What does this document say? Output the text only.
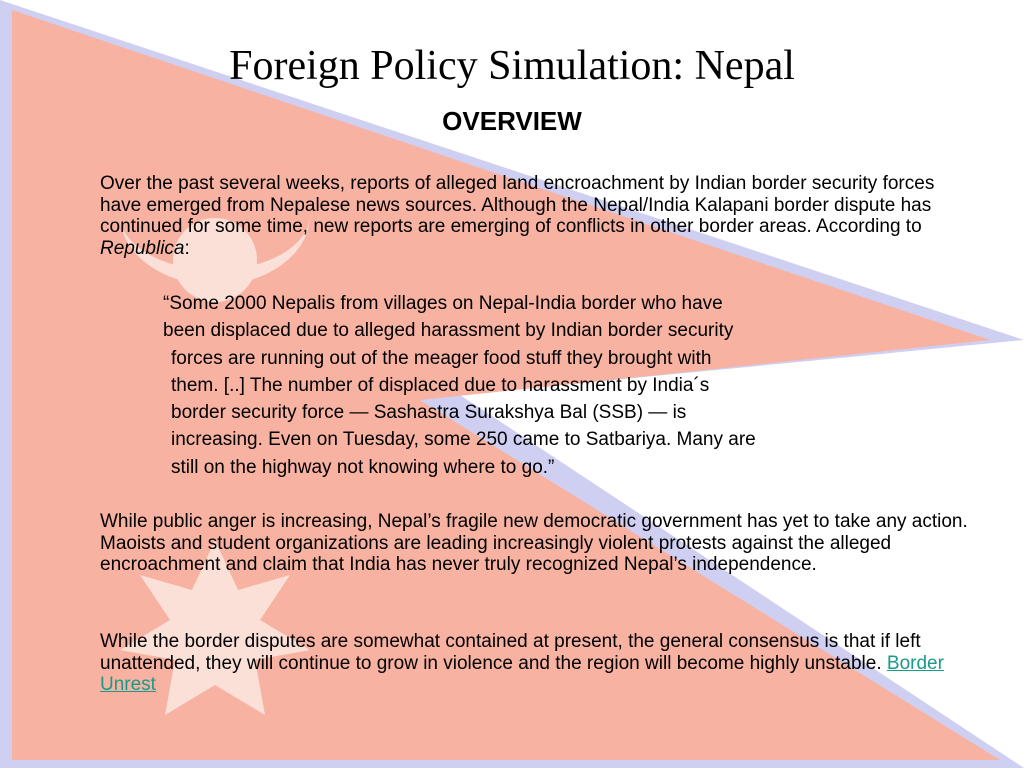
Foreign Policy Simulation: Nepal
OVERVIEW

Over the past several weeks, reports of alleged land encroachment by Indian border security forces have emerged from Nepalese news sources. Although the Nepal/India Kalapani border dispute has continued for some time, new reports are emerging of conflicts in other border areas. According to Republica:

“Some 2000 Nepalis from villages on Nepal-India border who have
been displaced due to alleged harassment by Indian border security
forces are running out of the meager food stuff they brought with
them. [..] The number of displaced due to harassment by India´s
border security force — Sashastra Surakshya Bal (SSB) — is
increasing. Even on Tuesday, some 250 came to Satbariya. Many are
still on the highway not knowing where to go.”

While public anger is increasing, Nepal’s fragile new democratic government has yet to take any action. Maoists and student organizations are leading increasingly violent protests against the alleged encroachment and claim that India has never truly recognized Nepal’s independence.

While the border disputes are somewhat contained at present, the general consensus is that if left unattended, they will continue to grow in violence and the region will become highly unstable. Border Unrest
